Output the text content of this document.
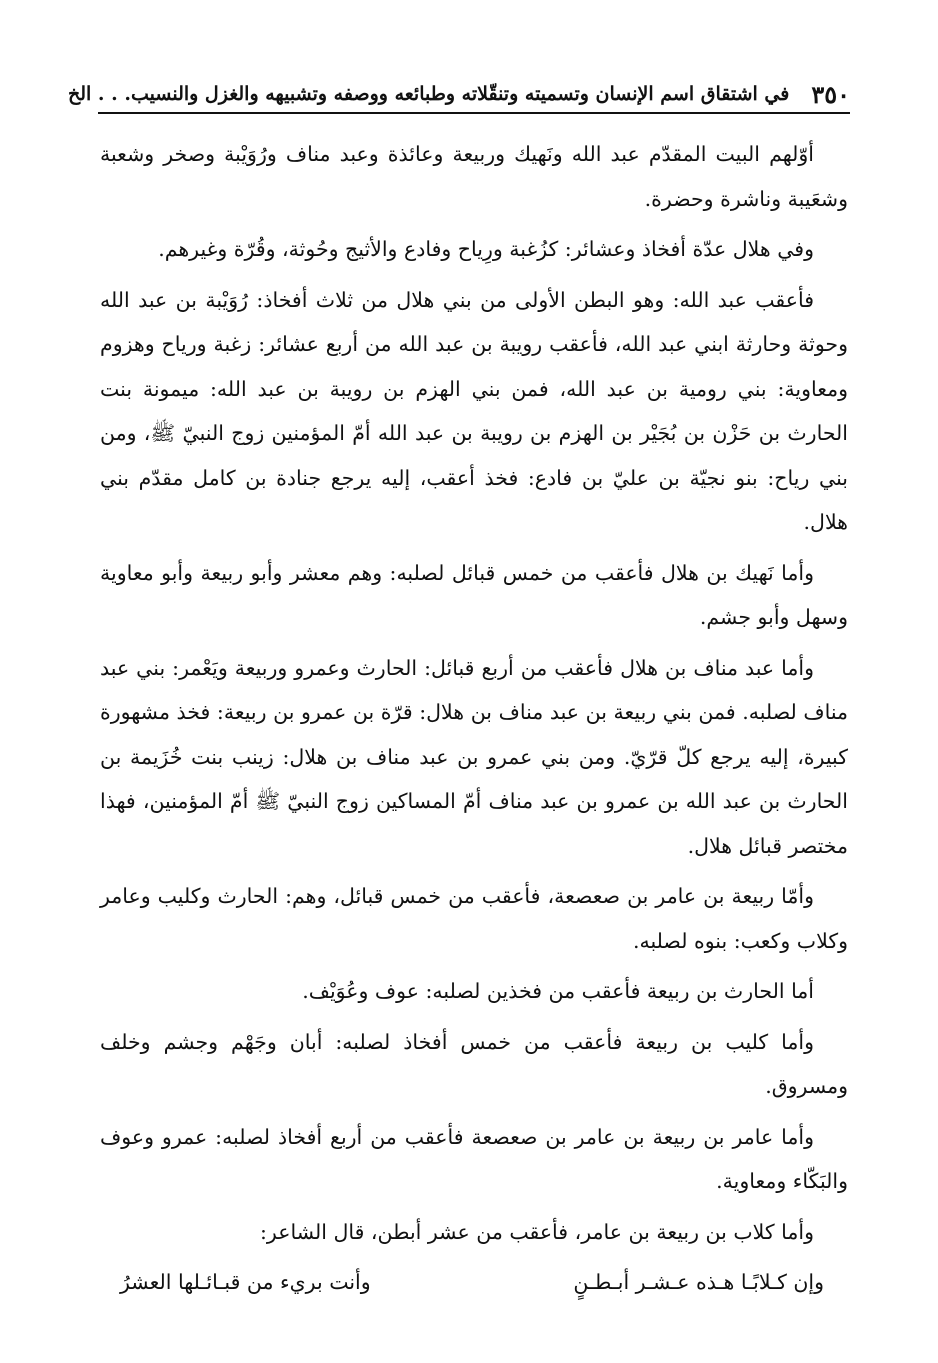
٣٥٠
في اشتقاق اسم الإنسان وتسميته وتنقّلاته وطبائعه ووصفه وتشبيهه والغزل والنسيب. . . الخ

أوّلهم البيت المقدّم عبد الله ونَهيك وربيعة وعائذة وعبد مناف ورُوَيْبة وصخر وشعبة وشعَيبة وناشرة وحضرة.

وفي هلال عدّة أفخاذ وعشائر: كزُغبة ورِياح وفادع والأثيج وحُوثة، وقُرّة وغيرهم.

فأعقب عبد الله: وهو البطن الأولى من بني هلال من ثلاث أفخاذ: رُوَيْبة بن عبد الله وحوثة وحارثة ابني عبد الله، فأعقب رويبة بن عبد الله من أربع عشائر: زغبة ورياح وهزوم ومعاوية: بني رومية بن عبد الله، فمن بني الهزم بن رويبة بن عبد الله: ميمونة بنت الحارث بن حَزْن بن بُجَيْر بن الهزم بن رويبة بن عبد الله أمّ المؤمنين زوج النبيّ ﷺ، ومن بني رياح: بنو نجيّة بن عليّ بن فادع: فخذ أعقب، إليه يرجع جنادة بن كامل مقدّم بني هلال.

وأما نَهيك بن هلال فأعقب من خمس قبائل لصلبه: وهم معشر وأبو ربيعة وأبو معاوية وسهل وأبو جشم.

وأما عبد مناف بن هلال فأعقب من أربع قبائل: الحارث وعمرو وربيعة ويَعْمر: بني عبد مناف لصلبه. فمن بني ربيعة بن عبد مناف بن هلال: قرّة بن عمرو بن ربيعة: فخذ مشهورة كبيرة، إليه يرجع كلّ قرّيّ. ومن بني عمرو بن عبد مناف بن هلال: زينب بنت خُزَيمة بن الحارث بن عبد الله بن عمرو بن عبد مناف أمّ المساكين زوج النبيّ ﷺ أمّ المؤمنين، فهذا مختصر قبائل هلال.

وأمّا ربيعة بن عامر بن صعصعة، فأعقب من خمس قبائل، وهم: الحارث وكليب وعامر وكلاب وكعب: بنوه لصلبه.

أما الحارث بن ربيعة فأعقب من فخذين لصلبه: عوف وعُوَيْف.

وأما كليب بن ربيعة فأعقب من خمس أفخاذ لصلبه: أبان وجَهْم وجشم وخلف ومسروق.

وأما عامر بن ربيعة بن عامر بن صعصعة فأعقب من أربع أفخاذ لصلبه: عمرو وعوف والبَكّاء ومعاوية.

وأما كلاب بن ربيعة بن عامر، فأعقب من عشر أبطن، قال الشاعر:

وإن كـلابًـا هـذه عـشـر أبـطـنٍ
وأنت بريء من قبـائـلها العشرُ
